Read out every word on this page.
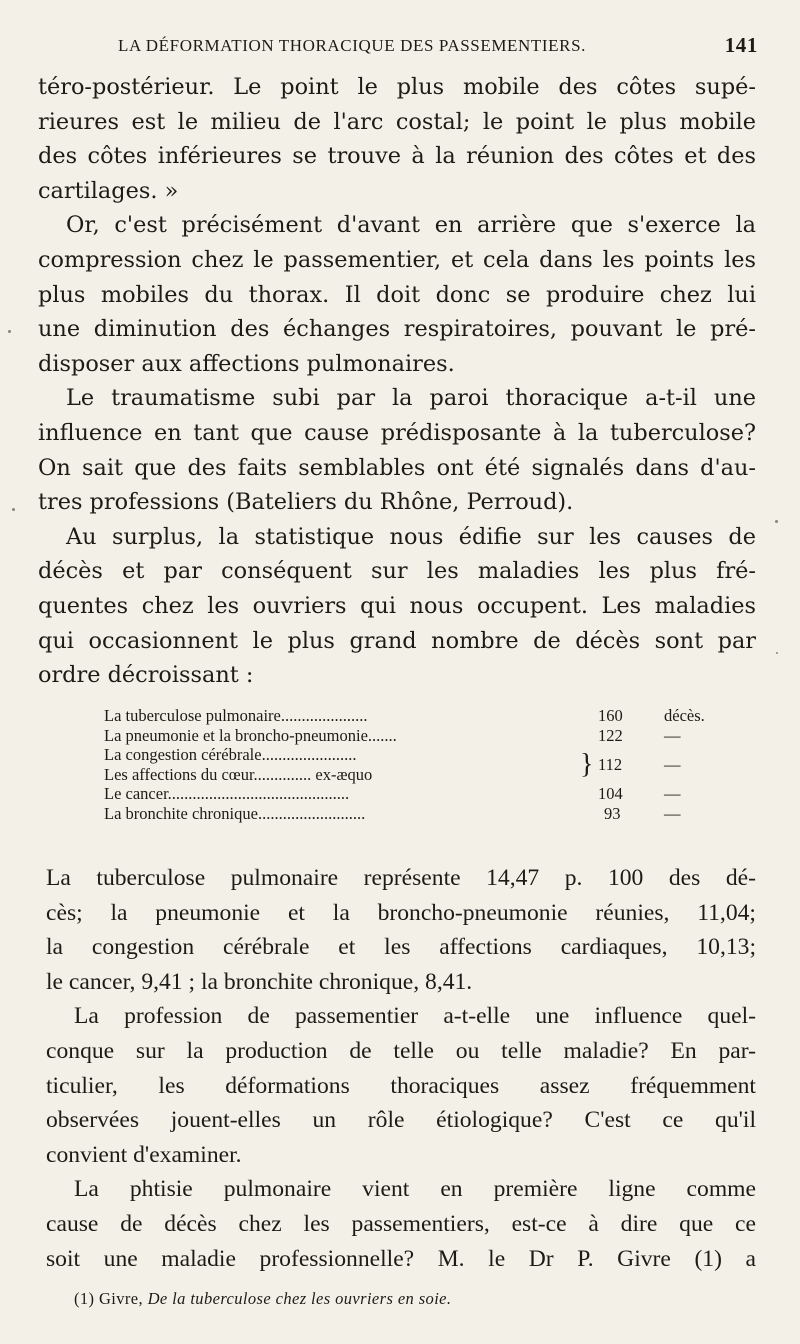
LA DÉFORMATION THORACIQUE DES PASSEMENTIERS.	141
téro-postérieur. Le point le plus mobile des côtes supé-
rieures est le milieu de l'arc costal; le point le plus mobile
des côtes inférieures se trouve à la réunion des côtes et des
cartilages. »
Or, c'est précisément d'avant en arrière que s'exerce la
compression chez le passementier, et cela dans les points les
plus mobiles du thorax. Il doit donc se produire chez lui
une diminution des échanges respiratoires, pouvant le pré-
disposer aux affections pulmonaires.
Le traumatisme subi par la paroi thoracique a-t-il une
influence en tant que cause prédisposante à la tuberculose?
On sait que des faits semblables ont été signalés dans d'au-
tres professions (Bateliers du Rhône, Perroud).
Au surplus, la statistique nous édifie sur les causes de
décès et par conséquent sur les maladies les plus fré-
quentes chez les ouvriers qui nous occupent. Les maladies
qui occasionnent le plus grand nombre de décès sont par
ordre décroissant :
La tuberculose pulmonaire.....................	160	décès.
La pneumonie et la broncho-pneumonie.......	122	—
La congestion cérébrale.......................	} 112	—
Les affections du cœur.............. ex-æquo
Le cancer............................................	104	—
La bronchite chronique..........................	93	—
La tuberculose pulmonaire représente 14,47 p. 100 des dé-
cès; la pneumonie et la broncho-pneumonie réunies, 11,04;
la congestion cérébrale et les affections cardiaques, 10,13;
le cancer, 9,41 ; la bronchite chronique, 8,41.
La profession de passementier a-t-elle une influence quel-
conque sur la production de telle ou telle maladie? En par-
ticulier, les déformations thoraciques assez fréquemment
observées jouent-elles un rôle étiologique? C'est ce qu'il
convient d'examiner.
La phtisie pulmonaire vient en première ligne comme
cause de décès chez les passementiers, est-ce à dire que ce
soit une maladie professionnelle? M. le Dr P. Givre (1) a
(1) Givre, De la tuberculose chez les ouvriers en soie.
